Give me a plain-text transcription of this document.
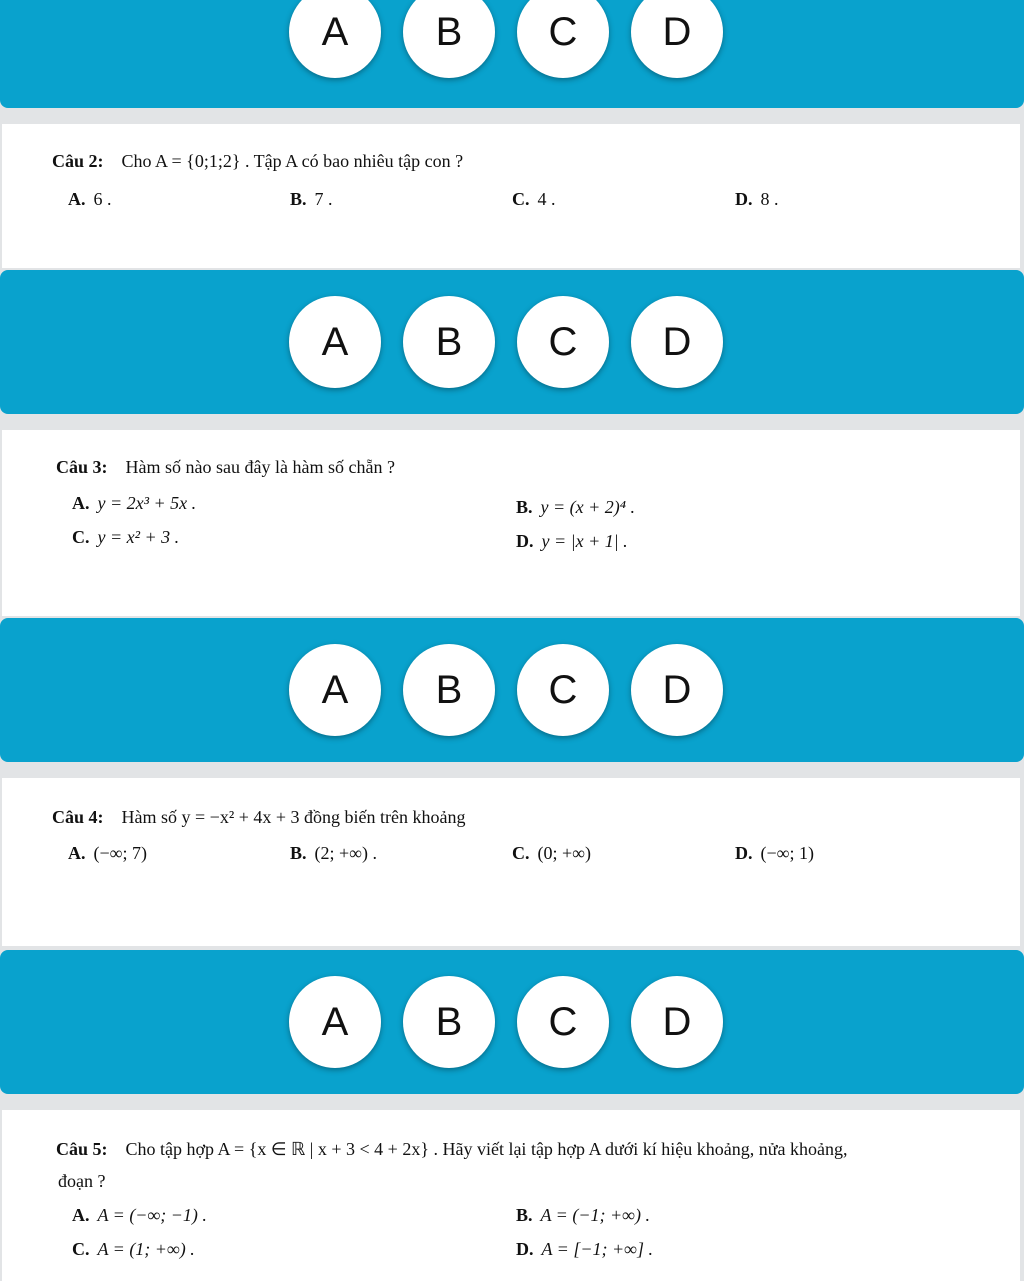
A	B	C	D
Câu 2: Cho A = {0;1;2} . Tập A có bao nhiêu tập con ?
A. 6 .	B. 7 .	C. 4 .	D. 8 .
A	B	C	D
Câu 3: Hàm số nào sau đây là hàm số chẵn ?
A. y = 2x³ + 5x .	B. y = (x + 2)⁴ .
C. y = x² + 3 .	D. y = |x + 1| .
A	B	C	D
Câu 4: Hàm số y = −x² + 4x + 3 đồng biến trên khoảng
A. (−∞; 7)	B. (2; +∞) .	C. (0; +∞)	D. (−∞; 1)
A	B	C	D
Câu 5: Cho tập hợp A = {x ∈ ℝ | x + 3 < 4 + 2x} . Hãy viết lại tập hợp A dưới kí hiệu khoảng, nửa khoảng,
đoạn ?
A. A = (−∞; −1) .	B. A = (−1; +∞) .
C. A = (1; +∞) .	D. A = [−1; +∞] .
